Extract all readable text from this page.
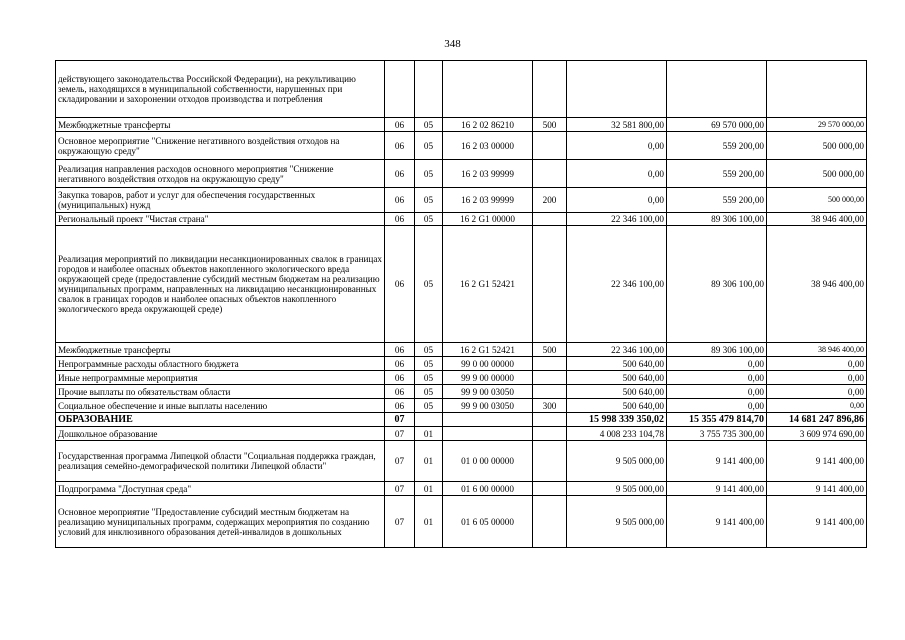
348
действующего законодательства Российской Федерации), на рекультивацию земель, находящихся в муниципальной собственности, нарушенных при складировании и захоронении отходов производства и потребления							
Межбюджетные трансферты	06	05	16 2 02 86210	500	32 581 800,00	69 570 000,00	29 570 000,00
Основное мероприятие "Снижение негативного воздействия отходов на окружающую среду"	06	05	16 2 03 00000		0,00	559 200,00	500 000,00
Реализация направления расходов основного мероприятия "Снижение негативного воздействия отходов на окружающую среду"	06	05	16 2 03 99999		0,00	559 200,00	500 000,00
Закупка товаров, работ и услуг для обеспечения государственных (муниципальных) нужд	06	05	16 2 03 99999	200	0,00	559 200,00	500 000,00
Региональный проект "Чистая страна"	06	05	16 2 G1 00000		22 346 100,00	89 306 100,00	38 946 400,00
Реализация мероприятий по ликвидации несанкционированных свалок в границах городов и наиболее опасных объектов накопленного экологического вреда окружающей среде (предоставление субсидий местным бюджетам на реализацию муниципальных программ, направленных на ликвидацию несанкционированных свалок в границах городов и наиболее опасных объектов накопленного экологического вреда окружающей среде)	06	05	16 2 G1 52421		22 346 100,00	89 306 100,00	38 946 400,00
Межбюджетные трансферты	06	05	16 2 G1 52421	500	22 346 100,00	89 306 100,00	38 946 400,00
Непрограммные расходы областного бюджета	06	05	99 0 00 00000		500 640,00	0,00	0,00
Иные непрограммные мероприятия	06	05	99 9 00 00000		500 640,00	0,00	0,00
Прочие выплаты по обязательствам области	06	05	99 9 00 03050		500 640,00	0,00	0,00
Социальное обеспечение и иные выплаты населению	06	05	99 9 00 03050	300	500 640,00	0,00	0,00
ОБРАЗОВАНИЕ	07				15 998 339 350,02	15 355 479 814,70	14 681 247 896,86
Дошкольное образование	07	01			4 008 233 104,78	3 755 735 300,00	3 609 974 690,00
Государственная программа Липецкой области "Социальная поддержка граждан, реализация семейно-демографической политики Липецкой области"	07	01	01 0 00 00000		9 505 000,00	9 141 400,00	9 141 400,00
Подпрограмма "Доступная среда"	07	01	01 6 00 00000		9 505 000,00	9 141 400,00	9 141 400,00
Основное мероприятие "Предоставление субсидий местным бюджетам на реализацию муниципальных программ, содержащих мероприятия по созданию условий для инклюзивного образования детей-инвалидов в дошкольных	07	01	01 6 05 00000		9 505 000,00	9 141 400,00	9 141 400,00
